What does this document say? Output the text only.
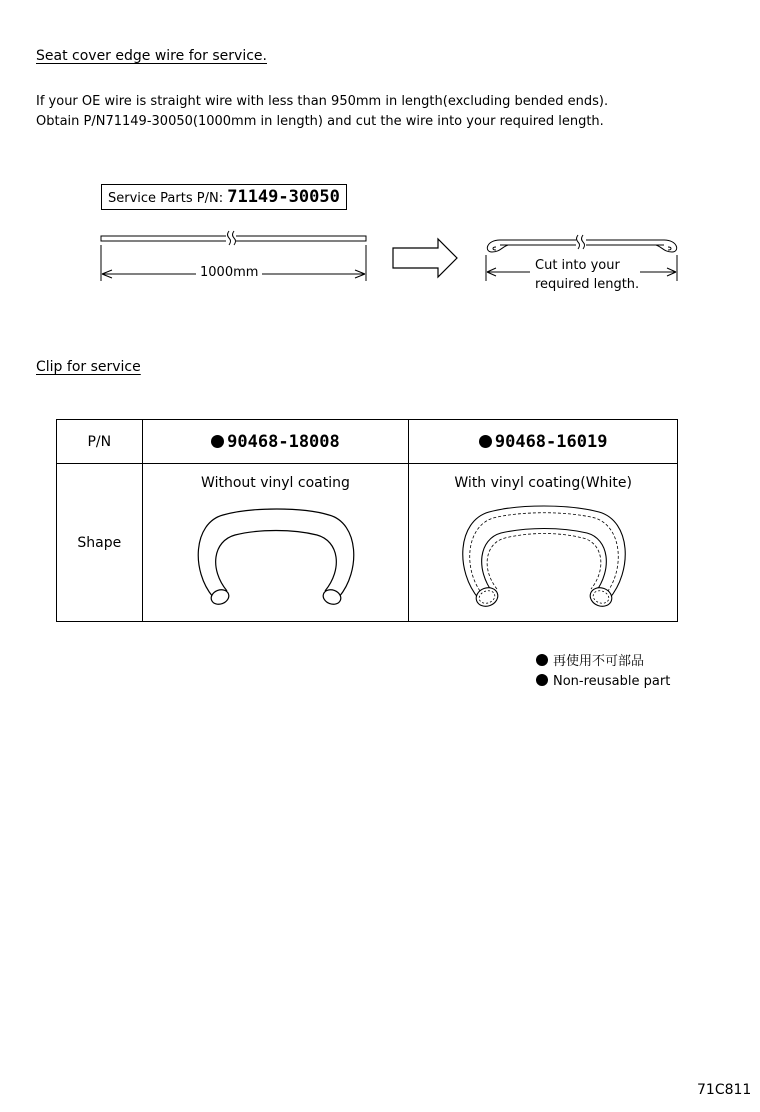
Seat cover edge wire for service.
If your OE wire is straight wire with less than 950mm in length(excluding bended ends).
Obtain P/N71149-30050(1000mm in length) and cut the wire into your required length.
Service Parts P/N: 71149-30050
1000mm	Cut into your
required length.
Clip for service
P/N	90468-18008	90468-16019
Shape	Without vinyl coating	With vinyl coating(White)
再使用不可部品
Non-reusable part
71C811
